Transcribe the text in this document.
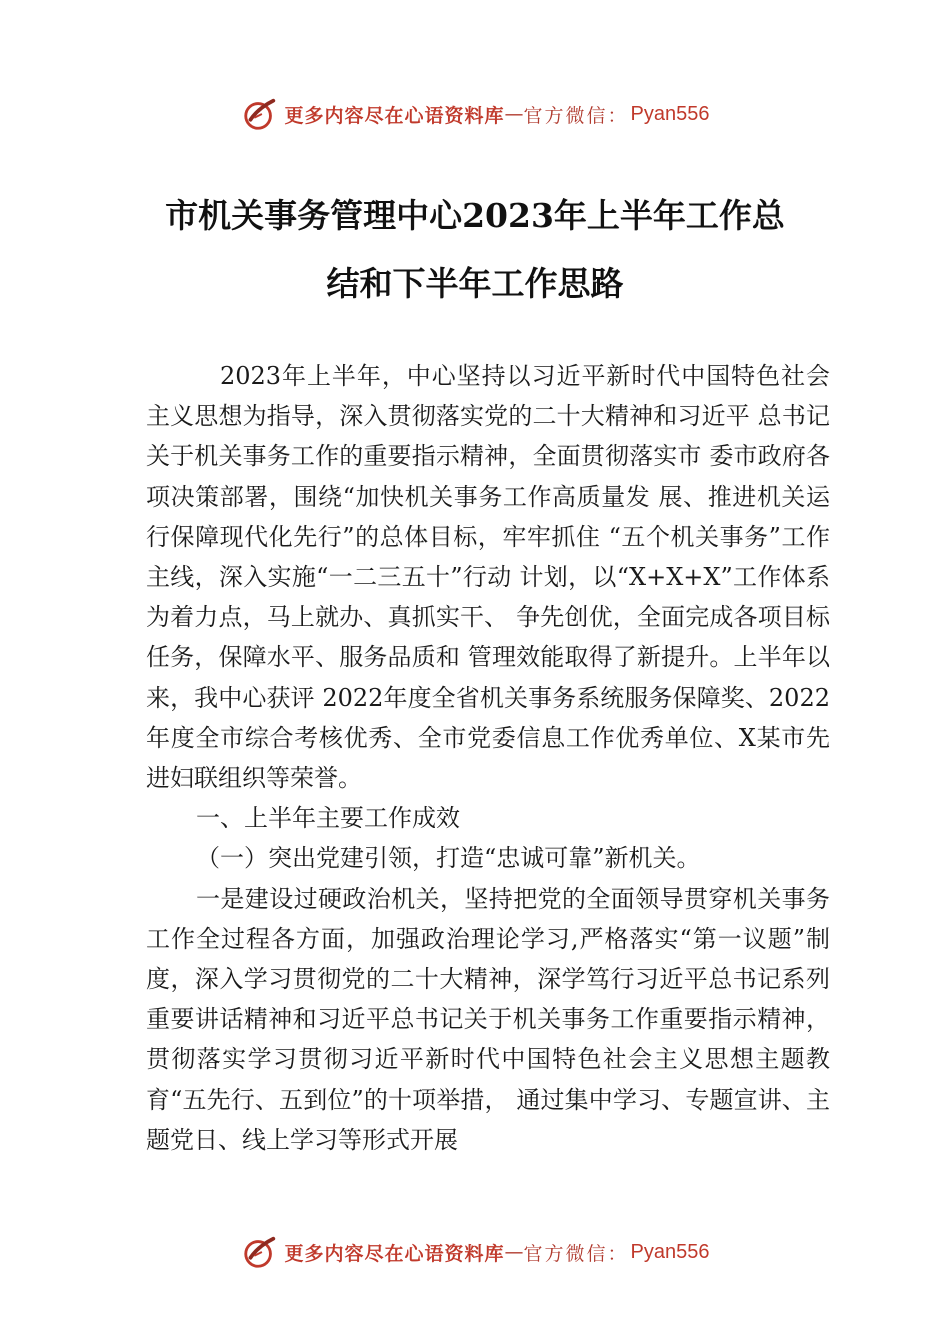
更多内容尽在心语资料库 — 官方微信： Pyan556
市机关事务管理中心2023年上半年工作总
结和下半年工作思路

2023年上半年，中心坚持以习近平新时代中国特色社会主义思想为指导，深入贯彻落实党的二十大精神和习近平 总书记关于机关事务工作的重要指示精神，全面贯彻落实市 委市政府各项决策部署，围绕“加快机关事务工作高质量发 展、推进机关运行保障现代化先行”的总体目标，牢牢抓住 “五个机关事务”工作主线，深入实施“一二三五十”行动 计划，以“X+X+X”工作体系为着力点，马上就办、真抓实干、 争先创优，全面完成各项目标任务，保障水平、服务品质和 管理效能取得了新提升。上半年以来，我中心获评 2022年度全省机关事务系统服务保障奖、2022年度全市综合考核优秀、全市党委信息工作优秀单位、X某市先进妇联组织等荣誉。

一、上半年主要工作成效

（一）突出党建引领，打造“忠诚可靠”新机关。

一是建设过硬政治机关，坚持把党的全面领导贯穿机关事务工作全过程各方面，加强政治理论学习,严格落实“第一议题”制度，深入学习贯彻党的二十大精神，深学笃行习近平总书记系列重要讲话精神和习近平总书记关于机关事务工作重要指示精神，贯彻落实学习贯彻习近平新时代中国特色社会主义思想主题教育“五先行、五到位”的十项举措， 通过集中学习、专题宣讲、主题党日、线上学习等形式开展

更多内容尽在心语资料库 — 官方微信： Pyan556
